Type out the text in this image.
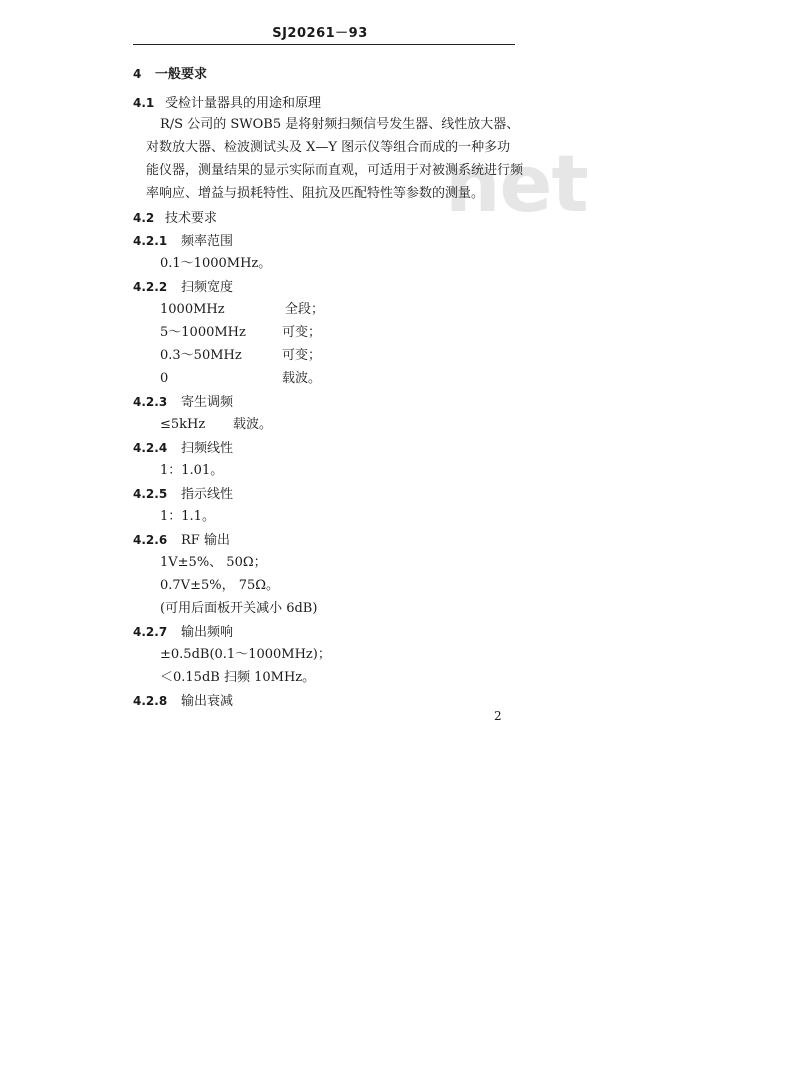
SJ20261－93
net
4 一般要求
4.1 受检计量器具的用途和原理
R/S 公司的 SWOB5 是将射频扫频信号发生器、线性放大器、
对数放大器、检波测试头及 X—Y 图示仪等组合而成的一种多功
能仪器，测量结果的显示实际而直观，可适用于对被测系统进行频
率响应、增益与损耗特性、阻抗及匹配特性等参数的测量。
4.2 技术要求
4.2.1 频率范围
0.1～1000MHz。
4.2.2 扫频宽度
1000MHz	全段；
5～1000MHz	可变；
0.3～50MHz	可变；
0	载波。
4.2.3 寄生调频
≤5kHz 载波。
4.2.4 扫频线性
1：1.01。
4.2.5 指示线性
1：1.1。
4.2.6 RF 输出
1V±5%、 50Ω；
0.7V±5%， 75Ω。
(可用后面板开关减小 6dB)
4.2.7 输出频响
±0.5dB(0.1～1000MHz)；
＜0.15dB 扫频 10MHz。
4.2.8 输出衰减
2
